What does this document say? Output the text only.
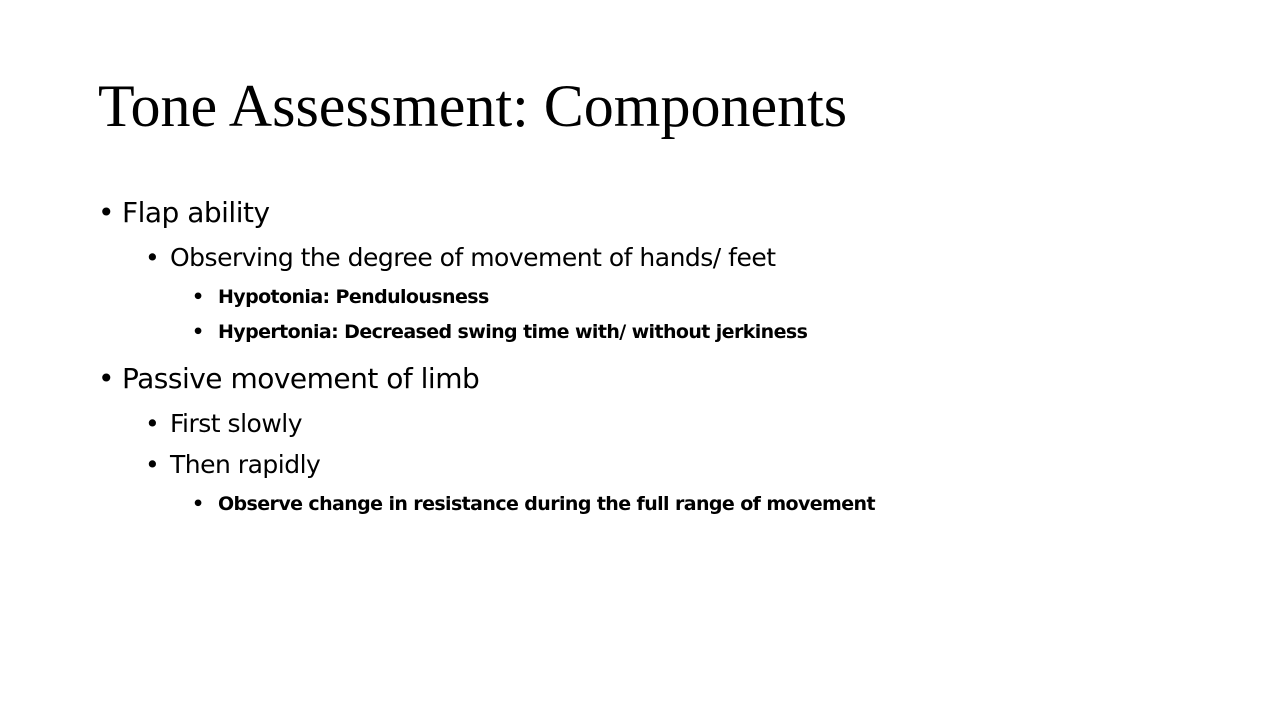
Tone Assessment: Components
• Flap ability
• Observing the degree of movement of hands/ feet
• Hypotonia: Pendulousness
• Hypertonia: Decreased swing time with/ without jerkiness
• Passive movement of limb
• First slowly
• Then rapidly
• Observe change in resistance during the full range of movement
